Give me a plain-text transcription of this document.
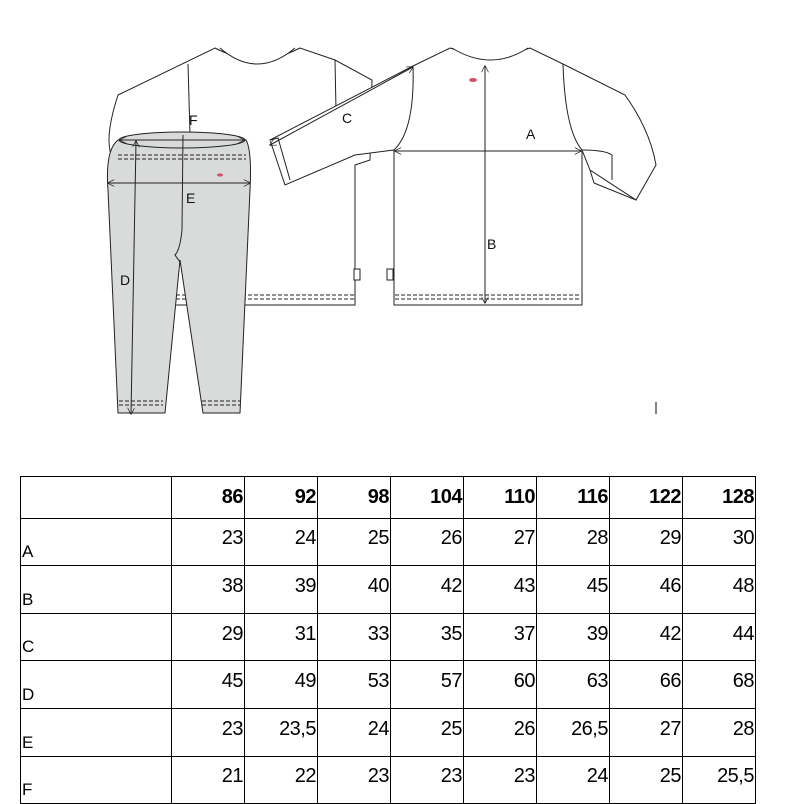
A
B
C
D
E
F
	86	92	98	104	110	116	122	128
A	23	24	25	26	27	28	29	30
B	38	39	40	42	43	45	46	48
C	29	31	33	35	37	39	42	44
D	45	49	53	57	60	63	66	68
E	23	23,5	24	25	26	26,5	27	28
F	21	22	23	23	23	24	25	25,5
